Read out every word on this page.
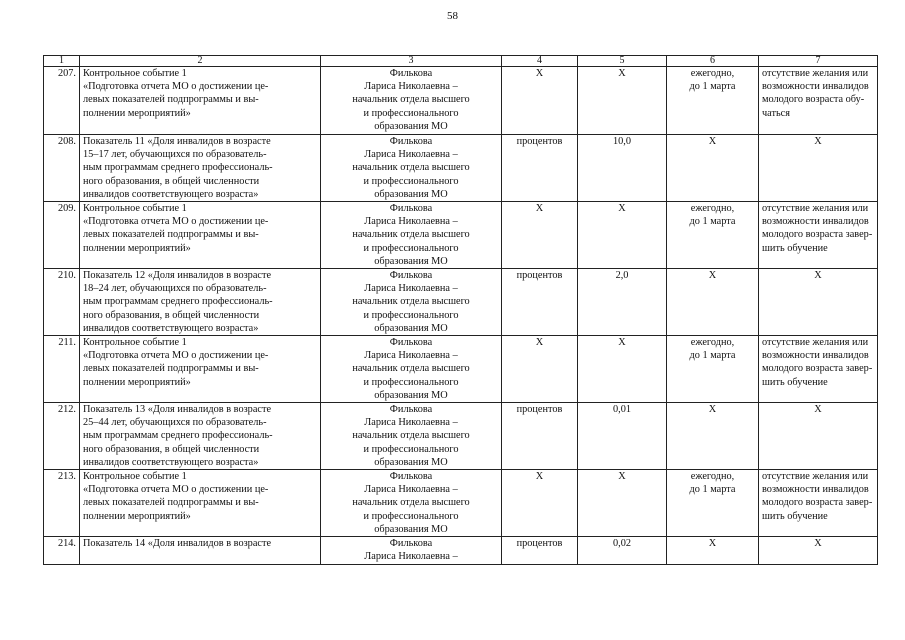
58
1	2	3	4	5	6	7
207.	Контрольное событие 1
«Подготовка отчета МО о достижении це-
левых показателей подпрограммы и вы-
полнении мероприятий»	Филькова
Лариса Николаевна –
начальник отдела высшего
и профессионального
образования МО	Х	Х	ежегодно,
до 1 марта	отсутствие желания или
возможности инвалидов
молодого возраста обу-
чаться

208.	Показатель 11 «Доля инвалидов в возрасте
15–17 лет, обучающихся по образователь-
ным программам среднего профессиональ-
ного образования, в общей численности
инвалидов соответствующего возраста»	Филькова
Лариса Николаевна –
начальник отдела высшего
и профессионального
образования МО	процентов	10,0	Х	Х

209.	Контрольное событие 1
«Подготовка отчета МО о достижении це-
левых показателей подпрограммы и вы-
полнении мероприятий»	Филькова
Лариса Николаевна –
начальник отдела высшего
и профессионального
образования МО	Х	Х	ежегодно,
до 1 марта	отсутствие желания или
возможности инвалидов
молодого возраста завер-
шить обучение

210.	Показатель 12 «Доля инвалидов в возрасте
18–24 лет, обучающихся по образователь-
ным программам среднего профессиональ-
ного образования, в общей численности
инвалидов соответствующего возраста»	Филькова
Лариса Николаевна –
начальник отдела высшего
и профессионального
образования МО	процентов	2,0	Х	Х

211.	Контрольное событие 1
«Подготовка отчета МО о достижении це-
левых показателей подпрограммы и вы-
полнении мероприятий»	Филькова
Лариса Николаевна –
начальник отдела высшего
и профессионального
образования МО	Х	Х	ежегодно,
до 1 марта	отсутствие желания или
возможности инвалидов
молодого возраста завер-
шить обучение

212.	Показатель 13 «Доля инвалидов в возрасте
25–44 лет, обучающихся по образователь-
ным программам среднего профессиональ-
ного образования, в общей численности
инвалидов соответствующего возраста»	Филькова
Лариса Николаевна –
начальник отдела высшего
и профессионального
образования МО	процентов	0,01	Х	Х

213.	Контрольное событие 1
«Подготовка отчета МО о достижении це-
левых показателей подпрограммы и вы-
полнении мероприятий»	Филькова
Лариса Николаевна –
начальник отдела высшего
и профессионального
образования МО	Х	Х	ежегодно,
до 1 марта	отсутствие желания или
возможности инвалидов
молодого возраста завер-
шить обучение

214.	Показатель 14 «Доля инвалидов в возрасте	Филькова
Лариса Николаевна –	процентов	0,02	Х	Х
